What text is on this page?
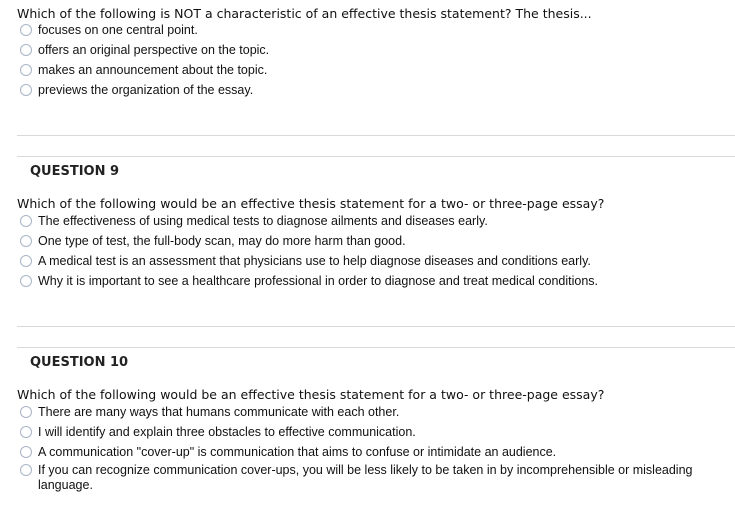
Which of the following is NOT a characteristic of an effective thesis statement? The thesis...
focuses on one central point.
offers an original perspective on the topic.
makes an announcement about the topic.
previews the organization of the essay.
QUESTION 9
Which of the following would be an effective thesis statement for a two- or three-page essay?
The effectiveness of using medical tests to diagnose ailments and diseases early.
One type of test, the full-body scan, may do more harm than good.
A medical test is an assessment that physicians use to help diagnose diseases and conditions early.
Why it is important to see a healthcare professional in order to diagnose and treat medical conditions.
QUESTION 10
Which of the following would be an effective thesis statement for a two- or three-page essay?
There are many ways that humans communicate with each other.
I will identify and explain three obstacles to effective communication.
A communication "cover-up" is communication that aims to confuse or intimidate an audience.
If you can recognize communication cover-ups, you will be less likely to be taken in by incomprehensible or misleading language.
